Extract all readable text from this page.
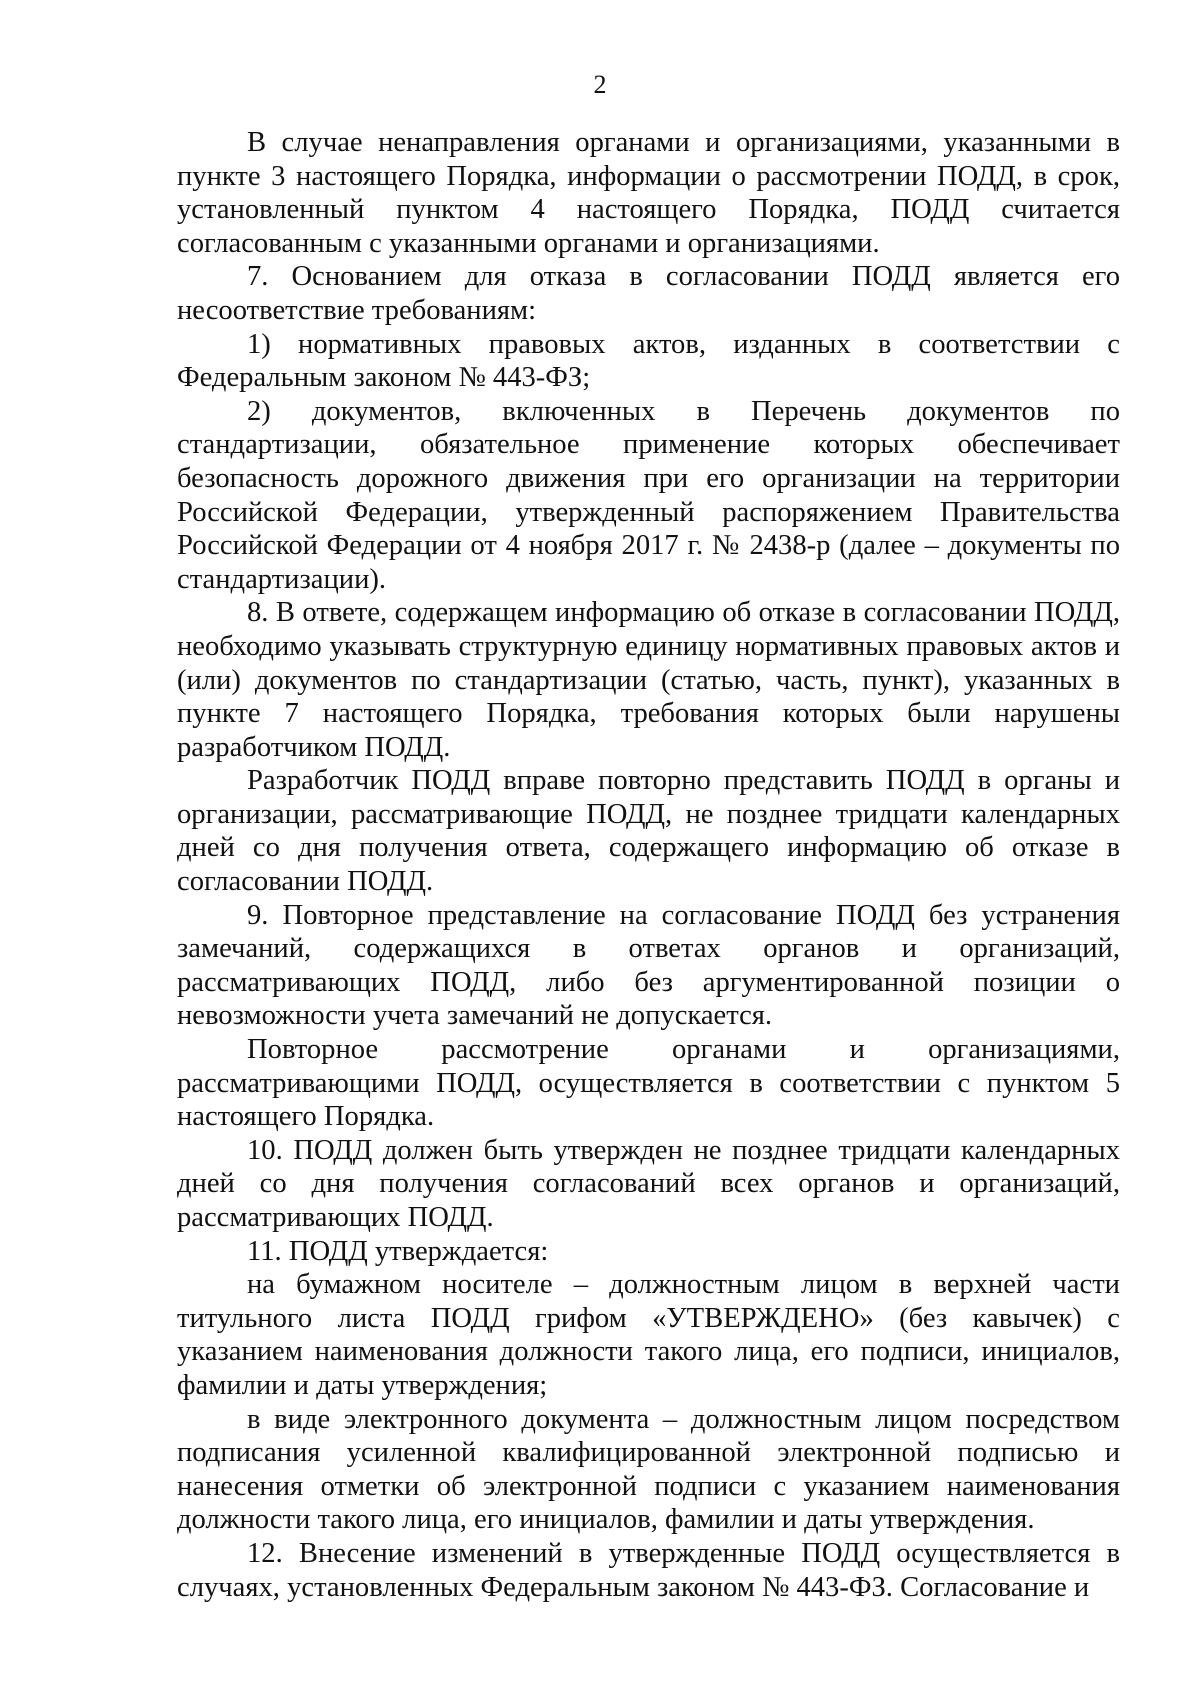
2

В случае ненаправления органами и организациями, указанными в пункте 3 настоящего Порядка, информации о рассмотрении ПОДД, в срок, установленный пунктом 4 настоящего Порядка, ПОДД считается согласованным с указанными органами и организациями.

7. Основанием для отказа в согласовании ПОДД является его несоответствие требованиям:

1) нормативных правовых актов, изданных в соответствии с Федеральным законом № 443-ФЗ;

2) документов, включенных в Перечень документов по стандартизации, обязательное применение которых обеспечивает безопасность дорожного движения при его организации на территории Российской Федерации, утвержденный распоряжением Правительства Российской Федерации от 4 ноября 2017 г. № 2438-р (далее – документы по стандартизации).

8. В ответе, содержащем информацию об отказе в согласовании ПОДД, необходимо указывать структурную единицу нормативных правовых актов и (или) документов по стандартизации (статью, часть, пункт), указанных в пункте 7 настоящего Порядка, требования которых были нарушены разработчиком ПОДД.

Разработчик ПОДД вправе повторно представить ПОДД в органы и организации, рассматривающие ПОДД, не позднее тридцати календарных дней со дня получения ответа, содержащего информацию об отказе в согласовании ПОДД.

9. Повторное представление на согласование ПОДД без устранения замечаний, содержащихся в ответах органов и организаций, рассматривающих ПОДД, либо без аргументированной позиции о невозможности учета замечаний не допускается.

Повторное рассмотрение органами и организациями, рассматривающими ПОДД, осуществляется в соответствии с пунктом 5 настоящего Порядка.

10. ПОДД должен быть утвержден не позднее тридцати календарных дней со дня получения согласований всех органов и организаций, рассматривающих ПОДД.

11. ПОДД утверждается:

на бумажном носителе – должностным лицом в верхней части титульного листа ПОДД грифом «УТВЕРЖДЕНО» (без кавычек) с указанием наименования должности такого лица, его подписи, инициалов, фамилии и даты утверждения;

в виде электронного документа – должностным лицом посредством подписания усиленной квалифицированной электронной подписью и нанесения отметки об электронной подписи с указанием наименования должности такого лица, его инициалов, фамилии и даты утверждения.

12. Внесение изменений в утвержденные ПОДД осуществляется в случаях, установленных Федеральным законом № 443-ФЗ. Согласование и
